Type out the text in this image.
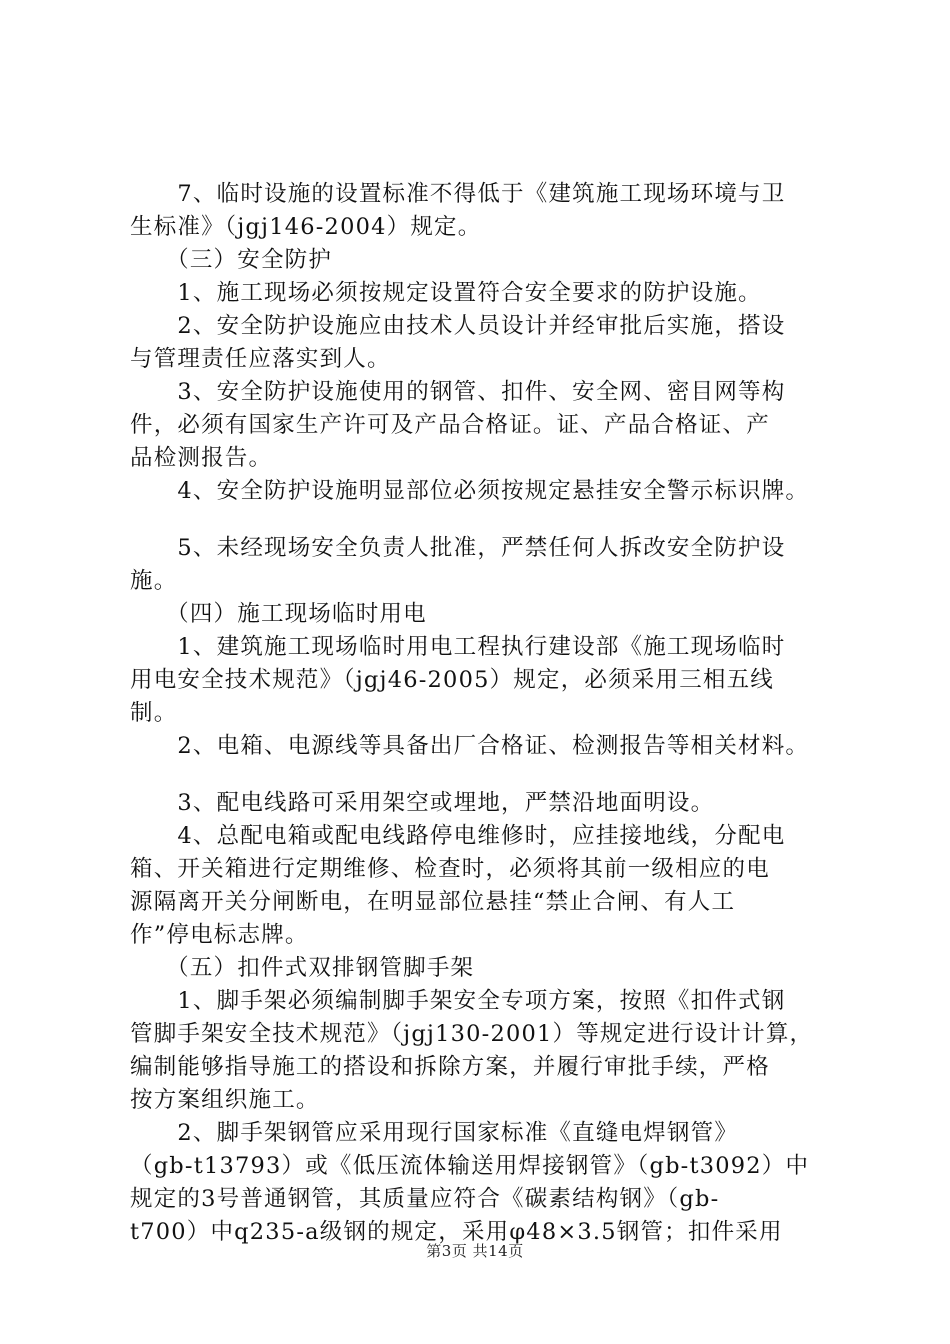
　　7、临时设施的设置标准不得低于《建筑施工现场环境与卫
生标准》（jgj146-2004）规定。
　　（三）安全防护
　　1、施工现场必须按规定设置符合安全要求的防护设施。
　　2、安全防护设施应由技术人员设计并经审批后实施，搭设
与管理责任应落实到人。
　　3、安全防护设施使用的钢管、扣件、安全网、密目网等构
件，必须有国家生产许可及产品合格证。证、产品合格证、产
品检测报告。
　　4、安全防护设施明显部位必须按规定悬挂安全警示标识牌。
　　5、未经现场安全负责人批准，严禁任何人拆改安全防护设
施。
　　（四）施工现场临时用电
　　1、建筑施工现场临时用电工程执行建设部《施工现场临时
用电安全技术规范》（jgj46-2005）规定，必须采用三相五线
制。
　　2、电箱、电源线等具备出厂合格证、检测报告等相关材料。
　　3、配电线路可采用架空或埋地，严禁沿地面明设。
　　4、总配电箱或配电线路停电维修时，应挂接地线，分配电
箱、开关箱进行定期维修、检查时，必须将其前一级相应的电
源隔离开关分闸断电，在明显部位悬挂“禁止合闸、有人工
作”停电标志牌。
　　（五）扣件式双排钢管脚手架
　　1、脚手架必须编制脚手架安全专项方案，按照《扣件式钢
管脚手架安全技术规范》（jgj130-2001）等规定进行设计计算，
编制能够指导施工的搭设和拆除方案，并履行审批手续，严格
按方案组织施工。
　　2、脚手架钢管应采用现行国家标准《直缝电焊钢管》
（gb-t13793）或《低压流体输送用焊接钢管》（gb-t3092）中
规定的3号普通钢管，其质量应符合《碳素结构钢》（gb-
t700）中q235-a级钢的规定，采用φ48×3.5钢管；扣件采用
第3页 共14页
